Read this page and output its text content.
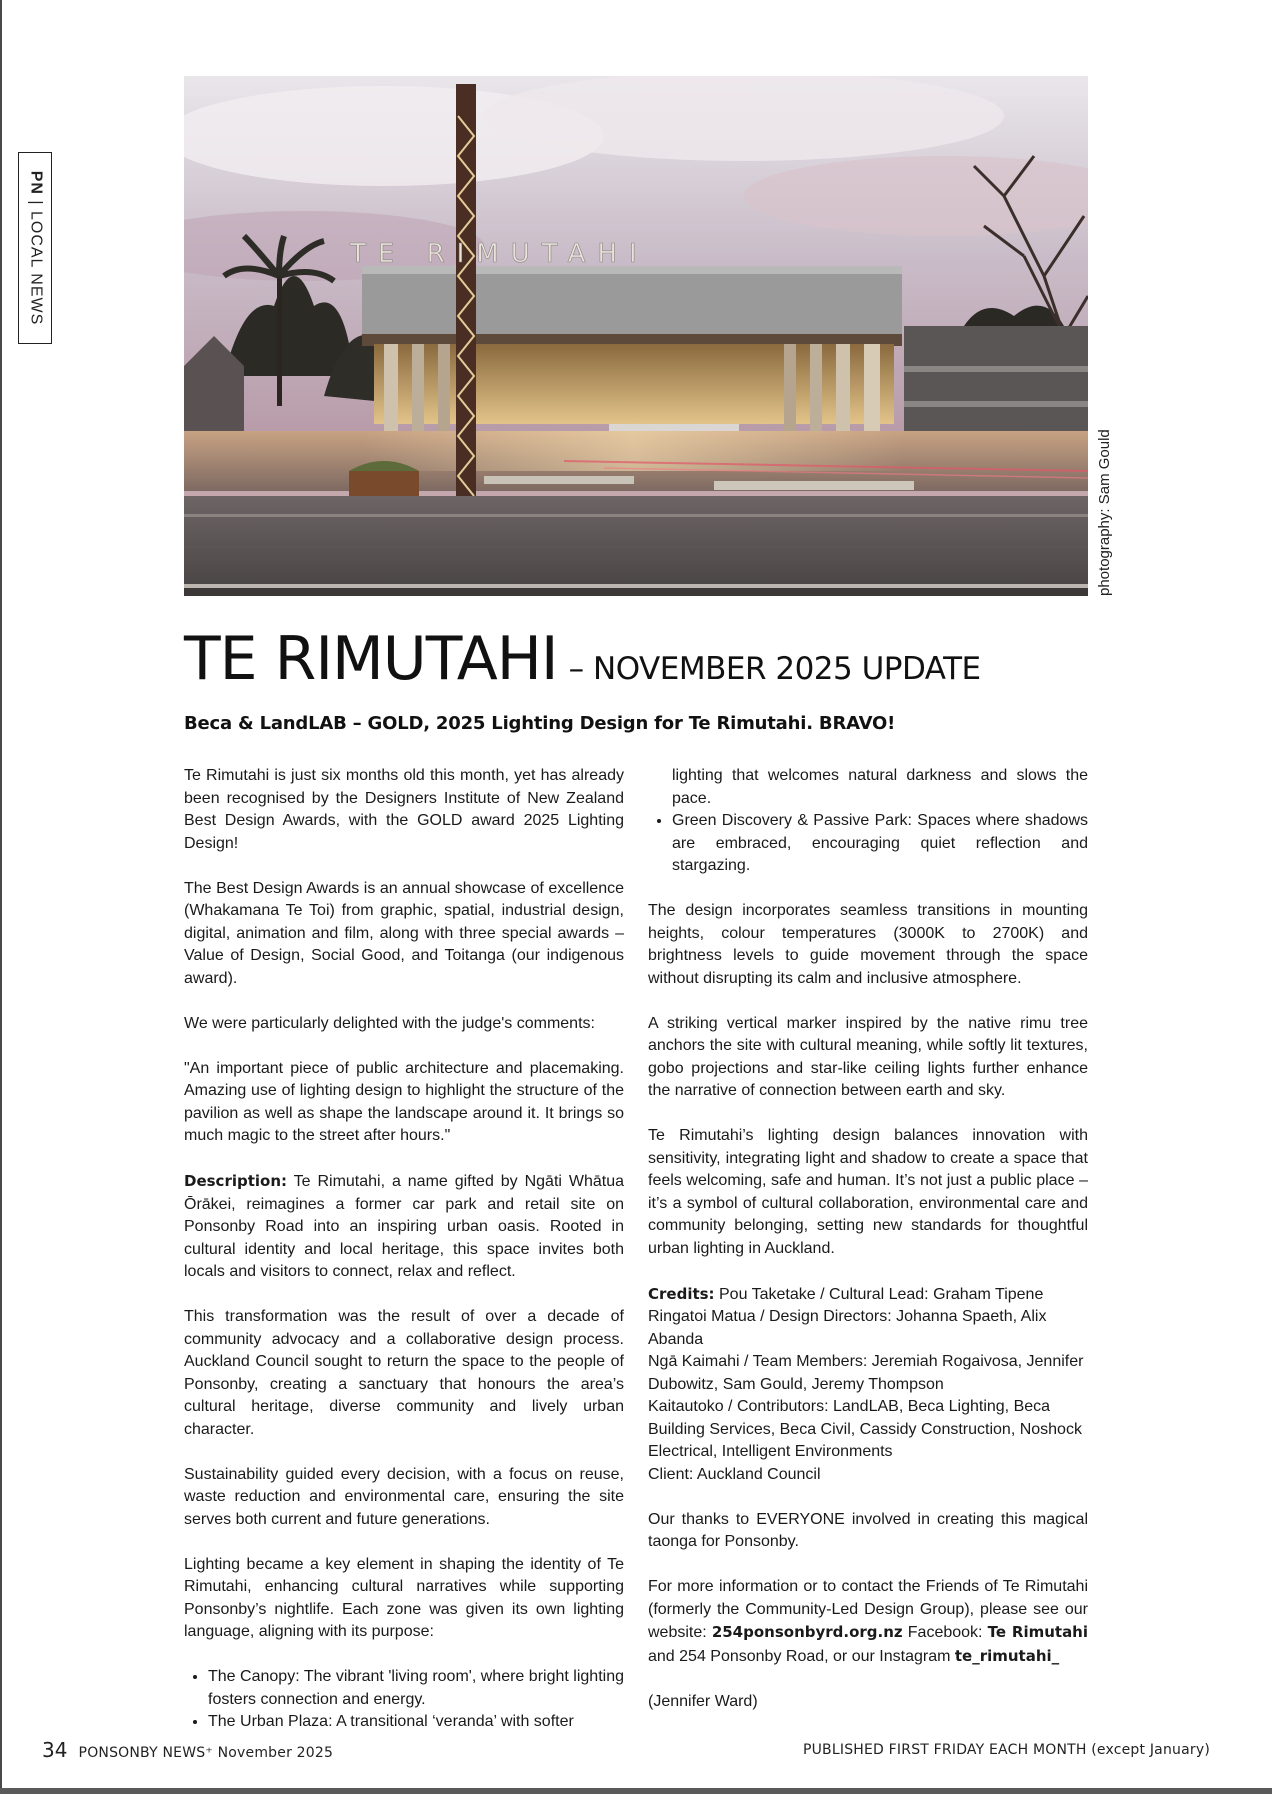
PN | LOCAL NEWS	TE RIMUTAHI
photography: Sam Gould
TE RIMUTAHI – NOVEMBER 2025 UPDATE
Beca & LandLAB – GOLD, 2025 Lighting Design for Te Rimutahi. BRAVO!

Te Rimutahi is just six months old this month, yet has already been recognised by the Designers Institute of New Zealand Best Design Awards, with the GOLD award 2025 Lighting Design!

The Best Design Awards is an annual showcase of excellence (Whakamana Te Toi) from graphic, spatial, industrial design, digital, animation and film, along with three special awards – Value of Design, Social Good, and Toitanga (our indigenous award).

We were particularly delighted with the judge's comments:

"An important piece of public architecture and placemaking. Amazing use of lighting design to highlight the structure of the pavilion as well as shape the landscape around it. It brings so much magic to the street after hours."

Description: Te Rimutahi, a name gifted by Ngāti Whātua Ōrākei, reimagines a former car park and retail site on Ponsonby Road into an inspiring urban oasis. Rooted in cultural identity and local heritage, this space invites both locals and visitors to connect, relax and reflect.

This transformation was the result of over a decade of community advocacy and a collaborative design process. Auckland Council sought to return the space to the people of Ponsonby, creating a sanctuary that honours the area’s cultural heritage, diverse community and lively urban character.

Sustainability guided every decision, with a focus on reuse, waste reduction and environmental care, ensuring the site serves both current and future generations.

Lighting became a key element in shaping the identity of Te Rimutahi, enhancing cultural narratives while supporting Ponsonby’s nightlife. Each zone was given its own lighting language, aligning with its purpose:

• The Canopy: The vibrant 'living room', where bright lighting fosters connection and energy.
• The Urban Plaza: A transitional ‘veranda’ with softer
lighting that welcomes natural darkness and slows the pace.
• Green Discovery & Passive Park: Spaces where shadows are embraced, encouraging quiet reflection and stargazing.

The design incorporates seamless transitions in mounting heights, colour temperatures (3000K to 2700K) and brightness levels to guide movement through the space without disrupting its calm and inclusive atmosphere.

A striking vertical marker inspired by the native rimu tree anchors the site with cultural meaning, while softly lit textures, gobo projections and star-like ceiling lights further enhance the narrative of connection between earth and sky.

Te Rimutahi’s lighting design balances innovation with sensitivity, integrating light and shadow to create a space that feels welcoming, safe and human. It’s not just a public place – it’s a symbol of cultural collaboration, environmental care and community belonging, setting new standards for thoughtful urban lighting in Auckland.

Credits: Pou Taketake / Cultural Lead: Graham Tipene
Ringatoi Matua / Design Directors: Johanna Spaeth, Alix Abanda
Ngā Kaimahi / Team Members: Jeremiah Rogaivosa, Jennifer Dubowitz, Sam Gould, Jeremy Thompson
Kaitautoko / Contributors: LandLAB, Beca Lighting, Beca Building Services, Beca Civil, Cassidy Construction, Noshock Electrical, Intelligent Environments
Client: Auckland Council

Our thanks to EVERYONE involved in creating this magical taonga for Ponsonby.

For more information or to contact the Friends of Te Rimutahi (formerly the Community-Led Design Group), please see our website: 254ponsonbyrd.org.nz Facebook: Te Rimutahi and 254 Ponsonby Road, or our Instagram te_rimutahi_

(Jennifer Ward)

34 PONSONBY NEWS⁺ November 2025	PUBLISHED FIRST FRIDAY EACH MONTH (except January)
